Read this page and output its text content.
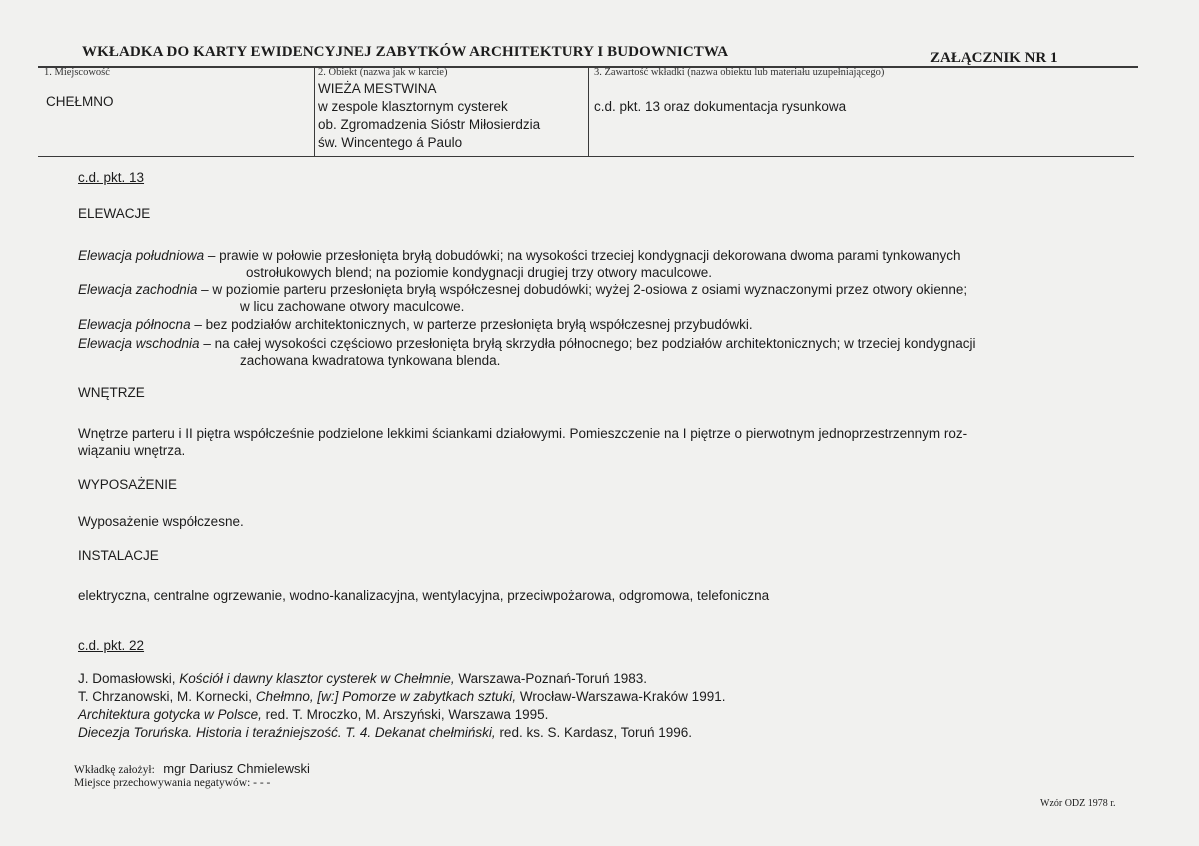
WKŁADKA DO KARTY EWIDENCYJNEJ ZABYTKÓW ARCHITEKTURY I BUDOWNICTWA	ZAŁĄCZNIK NR 1
1. Miejscowość
CHEŁMNO
2. Obiekt (nazwa jak w karcie)
WIEŻA MESTWINA
w zespole klasztornym cysterek
ob. Zgromadzenia Sióstr Miłosierdzia
św. Wincentego á Paulo
3. Zawartość wkładki (nazwa obiektu lub materiału uzupełniającego)
c.d. pkt. 13 oraz dokumentacja rysunkowa
c.d. pkt. 13
ELEWACJE
Elewacja południowa – prawie w połowie przesłonięta bryłą dobudówki; na wysokości trzeciej kondygnacji dekorowana dwoma parami tynkowanych
ostrołukowych blend; na poziomie kondygnacji drugiej trzy otwory maculcowe.
Elewacja zachodnia – w poziomie parteru przesłonięta bryłą współczesnej dobudówki; wyżej 2-osiowa z osiami wyznaczonymi przez otwory okienne;
w licu zachowane otwory maculcowe.
Elewacja północna – bez podziałów architektonicznych, w parterze przesłonięta bryłą współczesnej przybudówki.
Elewacja wschodnia – na całej wysokości częściowo przesłonięta bryłą skrzydła północnego; bez podziałów architektonicznych; w trzeciej kondygnacji
zachowana kwadratowa tynkowana blenda.
WNĘTRZE
Wnętrze parteru i II piętra współcześnie podzielone lekkimi ściankami działowymi. Pomieszczenie na I piętrze o pierwotnym jednoprzestrzennym roz-
wiązaniu wnętrza.
WYPOSAŻENIE
Wyposażenie współczesne.
INSTALACJE
elektryczna, centralne ogrzewanie, wodno-kanalizacyjna, wentylacyjna, przeciwpożarowa, odgromowa, telefoniczna
c.d. pkt. 22
J. Domasłowski, Kościół i dawny klasztor cysterek w Chełmnie, Warszawa-Poznań-Toruń 1983.
T. Chrzanowski, M. Kornecki, Chełmno, [w:] Pomorze w zabytkach sztuki, Wrocław-Warszawa-Kraków 1991.
Architektura gotycka w Polsce, red. T. Mroczko, M. Arszyński, Warszawa 1995.
Diecezja Toruńska. Historia i teraźniejszość. T. 4. Dekanat chełmiński, red. ks. S. Kardasz, Toruń 1996.
Wkładkę założył: mgr Dariusz Chmielewski
Miejsce przechowywania negatywów: - - -
Wzór ODZ 1978 r.
